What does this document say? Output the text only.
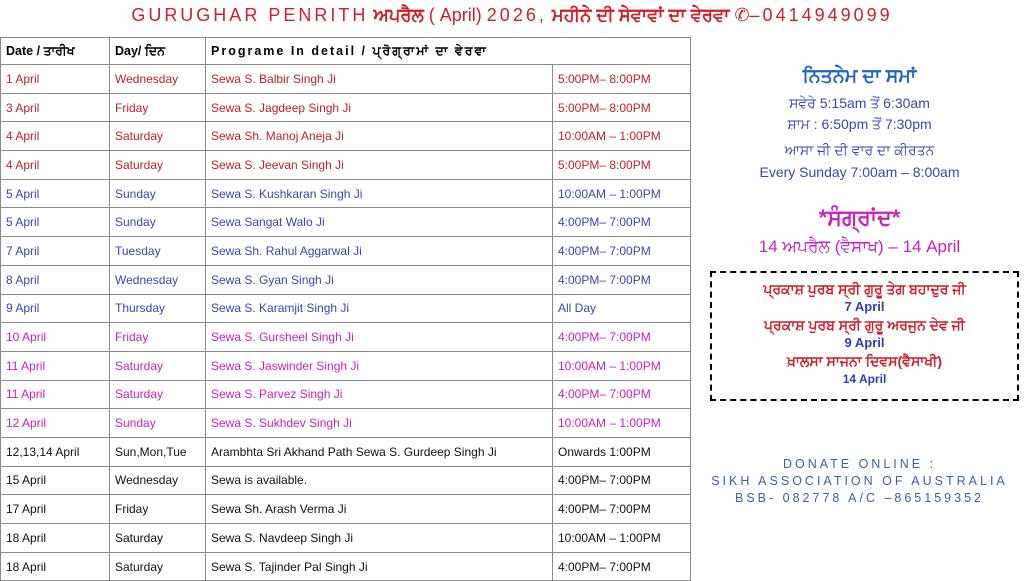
GURUGHAR PENRITH ਅਪਰੈਲ ( April) 2026, ਮਹੀਨੇ ਦੀ ਸੇਵਾਵਾਂ ਦਾ ਵੇਰਵਾ ✆–0414949099
Date / ਤਾਰੀਖ	Day/ ਦਿਨ	Programe In detail / ਪ੍ਰੋਗ੍ਰਾਮਾਂ ਦਾ ਵੇਰਵਾ	
1 April	Wednesday	Sewa S. Balbir Singh Ji	5:00PM– 8:00PM
3 April	Friday	Sewa S. Jagdeep Singh Ji	5:00PM– 8:00PM
4 April	Saturday	Sewa Sh. Manoj Aneja Ji	10:00AM – 1:00PM
4 April	Saturday	Sewa S. Jeevan Singh Ji	5:00PM– 8:00PM
5 April	Sunday	Sewa S. Kushkaran Singh Ji	10:00AM – 1:00PM
5 April	Sunday	Sewa Sangat Walo Ji	4:00PM– 7:00PM
7 April	Tuesday	Sewa Sh. Rahul Aggarwal Ji	4:00PM– 7:00PM
8 April	Wednesday	Sewa S. Gyan Singh Ji	4:00PM– 7:00PM
9 April	Thursday	Sewa S. Karamjit Singh Ji	All Day
10 April	Friday	Sewa S. Gursheel Singh Ji	4:00PM– 7:00PM
11 April	Saturday	Sewa S. Jaswinder Singh Ji	10:00AM – 1:00PM
11 April	Saturday	Sewa S. Parvez Singh Ji	4:00PM– 7:00PM
12 April	Sunday	Sewa S. Sukhdev Singh Ji	10:00AM – 1:00PM
12,13,14 April	Sun,Mon,Tue	Arambhta Sri Akhand Path Sewa S. Gurdeep Singh Ji	Onwards 1:00PM
15 April	Wednesday	Sewa is available.	4:00PM– 7:00PM
17 April	Friday	Sewa Sh. Arash Verma Ji	4:00PM– 7:00PM
18 April	Saturday	Sewa S. Navdeep Singh Ji	10:00AM – 1:00PM
18 April	Saturday	Sewa S. Tajinder Pal Singh Ji	4:00PM– 7:00PM
ਨਿਤਨੇਮ ਦਾ ਸਮਾਂ
ਸਵੇਰੇ 5:15am ਤੋਂ 6:30am
ਸ਼ਾਮ : 6:50pm ਤੋਂ 7:30pm
ਆਸਾ ਜੀ ਦੀ ਵਾਰ ਦਾ ਕੀਰਤਨ
Every Sunday 7:00am – 8:00am
*ਸੰਗ੍ਰਾਂਦ*
14 ਅਪਰੈਲ (ਵੈਸਾਖ) – 14 April
ਪ੍ਰਕਾਸ਼ ਪੁਰਬ ਸ੍ਰੀ ਗੁਰੂ ਤੇਗ ਬਹਾਦੁਰ ਜੀ
7 April
ਪ੍ਰਕਾਸ਼ ਪੁਰਬ ਸ੍ਰੀ ਗੁਰੂ ਅਰਜੁਨ ਦੇਵ ਜੀ
9 April
ਖ਼ਾਲਸਾ ਸਾਜਨਾ ਦਿਵਸ(ਵੈਸਾਖੀ)
14 April
DONATE ONLINE :
SIKH ASSOCIATION OF AUSTRALIA
BSB- 082778 A/C –865159352
